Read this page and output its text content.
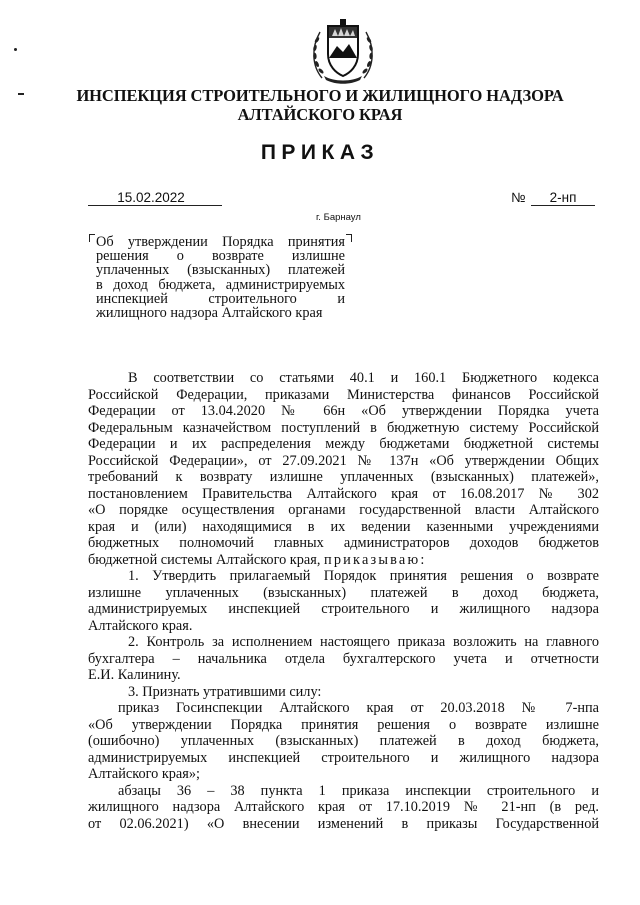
ИНСПЕКЦИЯ СТРОИТЕЛЬНОГО И ЖИЛИЩНОГО НАДЗОРА
АЛТАЙСКОГО КРАЯ
ПРИКАЗ
15.02.2022	№	2-нп
г. Барнаул
Об утверждении Порядка принятия
решения о возврате излишне
уплаченных (взысканных) платежей
в доход бюджета, администрируемых
инспекцией строительного и
жилищного надзора Алтайского края
В соответствии со статьями 40.1 и 160.1 Бюджетного кодекса
Российской Федерации, приказами Министерства финансов Российской
Федерации от 13.04.2020 № 66н «Об утверждении Порядка учета
Федеральным казначейством поступлений в бюджетную систему Российской
Федерации и их распределения между бюджетами бюджетной системы
Российской Федерации», от 27.09.2021 № 137н «Об утверждении Общих
требований к возврату излишне уплаченных (взысканных) платежей»,
постановлением Правительства Алтайского края от 16.08.2017 № 302
«О порядке осуществления органами государственной власти Алтайского
края и (или) находящимися в их ведении казенными учреждениями
бюджетных полномочий главных администраторов доходов бюджетов
бюджетной системы Алтайского края, приказываю:
1. Утвердить прилагаемый Порядок принятия решения о возврате
излишне уплаченных (взысканных) платежей в доход бюджета,
администрируемых инспекцией строительного и жилищного надзора
Алтайского края.
2. Контроль за исполнением настоящего приказа возложить на главного
бухгалтера – начальника отдела бухгалтерского учета и отчетности
Е.И. Калинину.
3. Признать утратившими силу:
приказ Госинспекции Алтайского края от 20.03.2018 № 7-нпа
«Об утверждении Порядка принятия решения о возврате излишне
(ошибочно) уплаченных (взысканных) платежей в доход бюджета,
администрируемых инспекцией строительного и жилищного надзора
Алтайского края»;
абзацы 36 – 38 пункта 1 приказа инспекции строительного и
жилищного надзора Алтайского края от 17.10.2019 № 21-нп (в ред.
от 02.06.2021) «О внесении изменений в приказы Государственной
